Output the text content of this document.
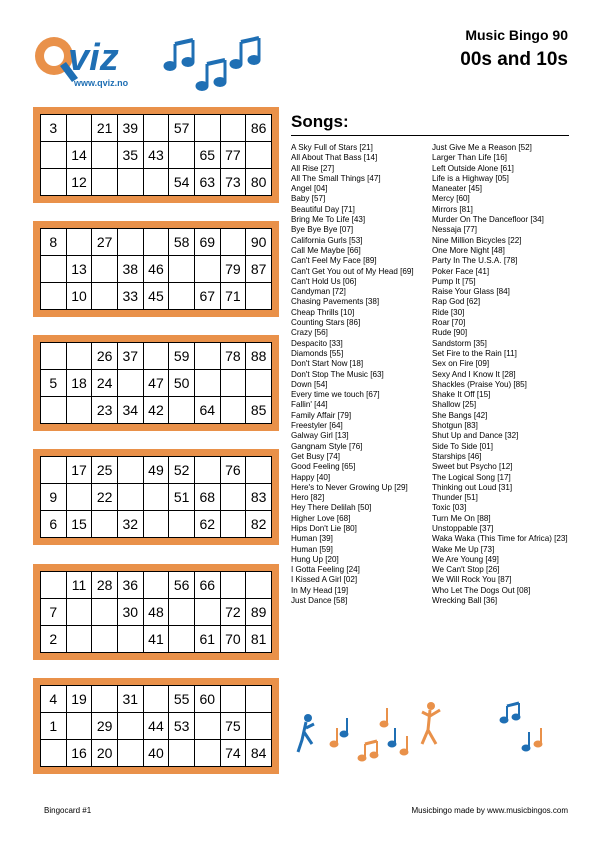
viz
www.qviz.no
Music Bingo 90
00s and 10s
3		21	39		57			86
	14		35	43		65	77	
	12				54	63	73	80
8		27			58	69		90
	13		38	46			79	87
	10		33	45		67	71	
		26	37		59		78	88
5	18	24		47	50			
		23	34	42		64		85
	17	25		49	52		76	
9		22			51	68		83
6	15		32			62		82
	11	28	36		56	66		
7			30	48			72	89
2				41		61	70	81
4	19		31		55	60		
1		29		44	53		75	
	16	20		40			74	84
Songs:
A Sky Full of Stars [21]
All About That Bass [14]
All Rise [27]
All The Small Things [47]
Angel [04]
Baby [57]
Beautiful Day [71]
Bring Me To Life [43]
Bye Bye Bye [07]
California Gurls [53]
Call Me Maybe [66]
Can't Feel My Face [89]
Can't Get You out of My Head [69]
Can't Hold Us [06]
Candyman [72]
Chasing Pavements [38]
Cheap Thrills [10]
Counting Stars [86]
Crazy [56]
Despacito [33]
Diamonds [55]
Don't Start Now [18]
Don't Stop The Music [63]
Down [54]
Every time we touch [67]
Fallin' [44]
Family Affair [79]
Freestyler [64]
Galway Girl [13]
Gangnam Style [76]
Get Busy [74]
Good Feeling [65]
Happy [40]
Here's to Never Growing Up [29]
Hero [82]
Hey There Delilah [50]
Higher Love [68]
Hips Don't Lie [80]
Human [39]
Human [59]
Hung Up [20]
I Gotta Feeling [24]
I Kissed A Girl [02]
In My Head [19]
Just Dance [58]
Just Give Me a Reason [52]
Larger Than Life [16]
Left Outside Alone [61]
Life is a Highway [05]
Maneater [45]
Mercy [60]
Mirrors [81]
Murder On The Dancefloor [34]
Nessaja [77]
Nine Million Bicycles [22]
One More Night [48]
Party In The U.S.A. [78]
Poker Face [41]
Pump It [75]
Raise Your Glass [84]
Rap God [62]
Ride [30]
Roar [70]
Rude [90]
Sandstorm [35]
Set Fire to the Rain [11]
Sex on Fire [09]
Sexy And I Know It [28]
Shackles (Praise You) [85]
Shake It Off [15]
Shallow [25]
She Bangs [42]
Shotgun [83]
Shut Up and Dance [32]
Side To Side [01]
Starships [46]
Sweet but Psycho [12]
The Logical Song [17]
Thinking out Loud [31]
Thunder [51]
Toxic [03]
Turn Me On [88]
Unstoppable [37]
Waka Waka (This Time for Africa) [23]
Wake Me Up [73]
We Are Young [49]
We Can't Stop [26]
We Will Rock You [87]
Who Let The Dogs Out [08]
Wrecking Ball [36]
Bingocard #1	Musicbingo made by www.musicbingos.com
